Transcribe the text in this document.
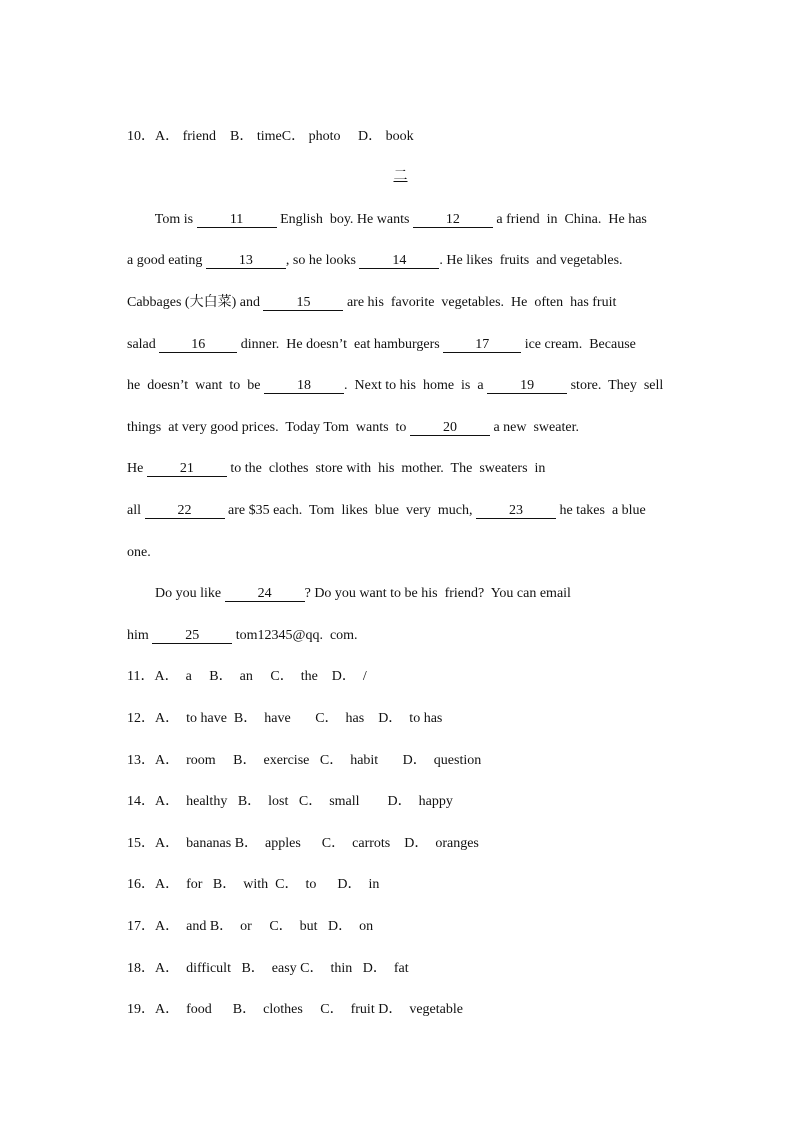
10．A． friend B． timeC． photo D． book

二

Tom is 11 English  boy. He wants 12 a friend  in  China.  He has

a good eating 13 , so he looks 14 . He likes  fruits  and vegetables.

Cabbages (大白菜) and 15 are his  favorite  vegetables.  He  often  has fruit

salad 16 dinner.  He doesn’t  eat hamburgers 17 ice cream.  Because

he  doesn’t  want  to  be 18 .  Next to his  home  is  a 19 store.  They  sell

things  at very good prices.  Today Tom  wants  to 20 a new  sweater.

He 21 to the  clothes  store with  his  mother.  The  sweaters  in

all 22 are $35 each.  Tom  likes  blue  very  much, 23 he takes  a blue

one.

Do you like 24 ? Do you want to be his  friend?  You can email

him 25 tom12345@qq.  com.

11．A．  a     B．  an     C．  the    D．  /

12．A．  to have  B．  have       C．  has    D．  to has

13．A．  room     B．  exercise   C．  habit       D．  question

14．A．  healthy   B．  lost   C．  small        D．  happy

15．A．  bananas B．  apples      C．  carrots    D．  oranges

16．A．  for   B．  with  C．  to      D．  in

17．A．  and B．  or     C．  but   D．  on

18．A．  difficult   B．  easy C．  thin   D．  fat

19．A．  food      B．  clothes     C．  fruit D．  vegetable
